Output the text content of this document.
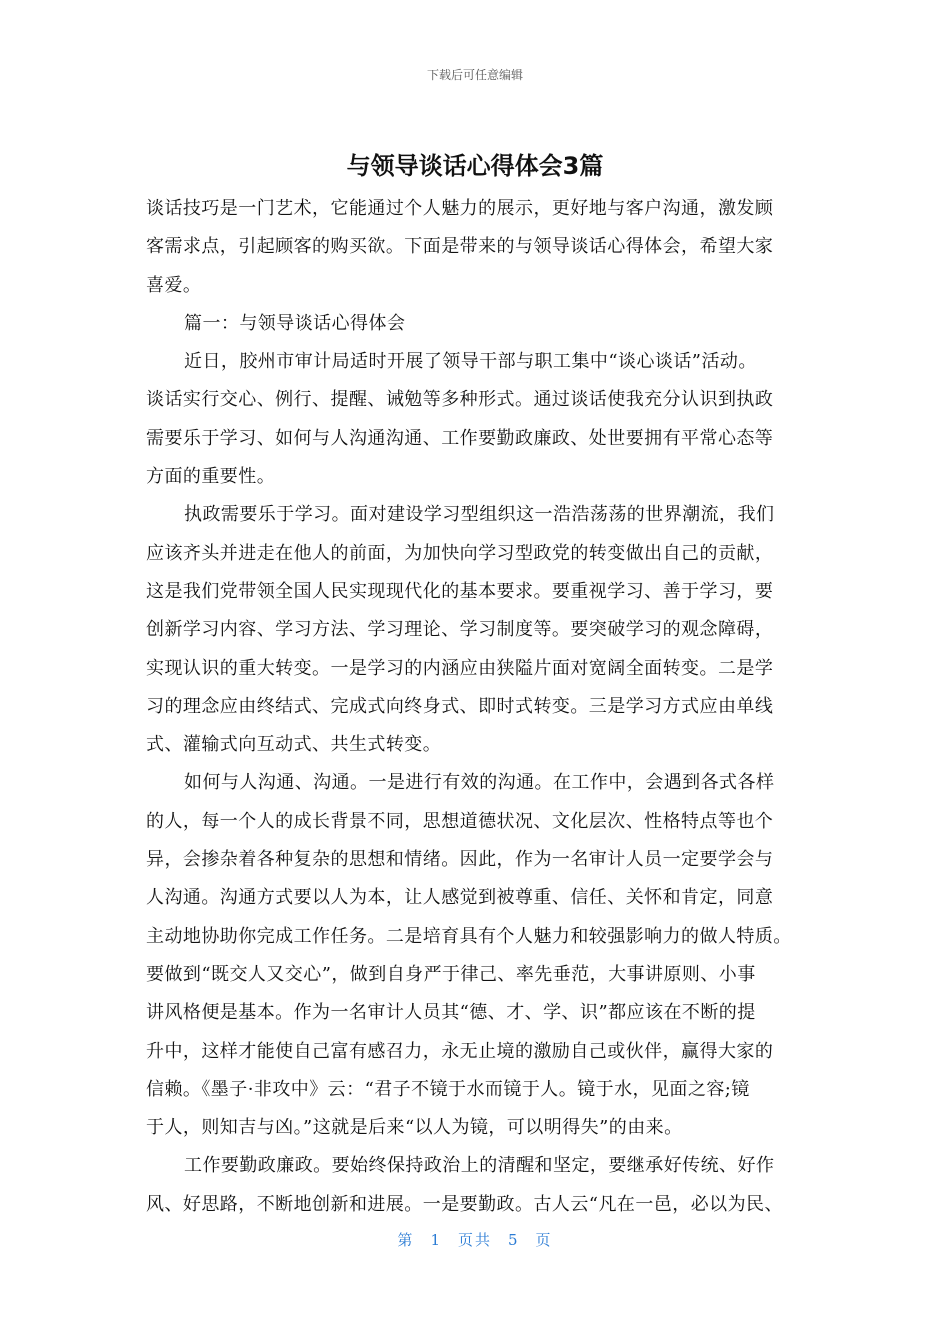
下载后可任意编辑
与领导谈话心得体会3篇
谈话技巧是一门艺术，它能通过个人魅力的展示，更好地与客户沟通，激发顾
客需求点，引起顾客的购买欲。下面是带来的与领导谈话心得体会，希望大家
喜爱。
篇一：与领导谈话心得体会
近日，胶州市审计局适时开展了领导干部与职工集中“谈心谈话”活动。
谈话实行交心、例行、提醒、诫勉等多种形式。通过谈话使我充分认识到执政
需要乐于学习、如何与人沟通沟通、工作要勤政廉政、处世要拥有平常心态等
方面的重要性。
执政需要乐于学习。面对建设学习型组织这一浩浩荡荡的世界潮流，我们
应该齐头并进走在他人的前面，为加快向学习型政党的转变做出自己的贡献，
这是我们党带领全国人民实现现代化的基本要求。要重视学习、善于学习，要
创新学习内容、学习方法、学习理论、学习制度等。要突破学习的观念障碍，
实现认识的重大转变。一是学习的内涵应由狭隘片面对宽阔全面转变。二是学
习的理念应由终结式、完成式向终身式、即时式转变。三是学习方式应由单线
式、灌输式向互动式、共生式转变。
如何与人沟通、沟通。一是进行有效的沟通。在工作中，会遇到各式各样
的人，每一个人的成长背景不同，思想道德状况、文化层次、性格特点等也个
异，会掺杂着各种复杂的思想和情绪。因此，作为一名审计人员一定要学会与
人沟通。沟通方式要以人为本，让人感觉到被尊重、信任、关怀和肯定，同意
主动地协助你完成工作任务。二是培育具有个人魅力和较强影响力的做人特质。
要做到“既交人又交心”，做到自身严于律己、率先垂范，大事讲原则、小事
讲风格便是基本。作为一名审计人员其“德、才、学、识”都应该在不断的提
升中，这样才能使自己富有感召力，永无止境的激励自己或伙伴，赢得大家的
信赖。《墨子·非攻中》云：“君子不镜于水而镜于人。镜于水，见面之容;镜
于人，则知吉与凶。”这就是后来“以人为镜，可以明得失”的由来。
工作要勤政廉政。要始终保持政治上的清醒和坚定，要继承好传统、好作
风、好思路，不断地创新和进展。一是要勤政。古人云“凡在一邑，必以为民、
第 1 页共 5 页
